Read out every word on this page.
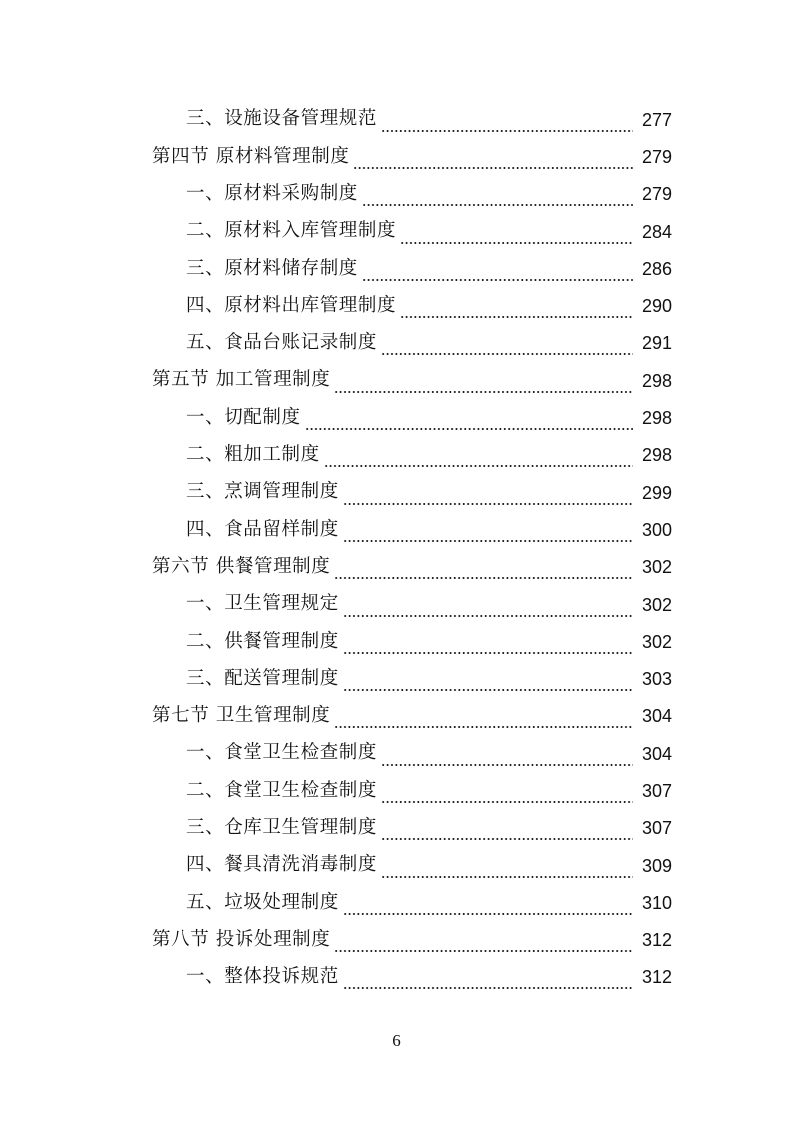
三、设施设备管理规范	277
第四节 原材料管理制度	279
一、原材料采购制度	279
二、原材料入库管理制度	284
三、原材料储存制度	286
四、原材料出库管理制度	290
五、食品台账记录制度	291
第五节 加工管理制度	298
一、切配制度	298
二、粗加工制度	298
三、烹调管理制度	299
四、食品留样制度	300
第六节 供餐管理制度	302
一、卫生管理规定	302
二、供餐管理制度	302
三、配送管理制度	303
第七节 卫生管理制度	304
一、食堂卫生检查制度	304
二、食堂卫生检查制度	307
三、仓库卫生管理制度	307
四、餐具清洗消毒制度	309
五、垃圾处理制度	310
第八节 投诉处理制度	312
一、整体投诉规范	312
6
